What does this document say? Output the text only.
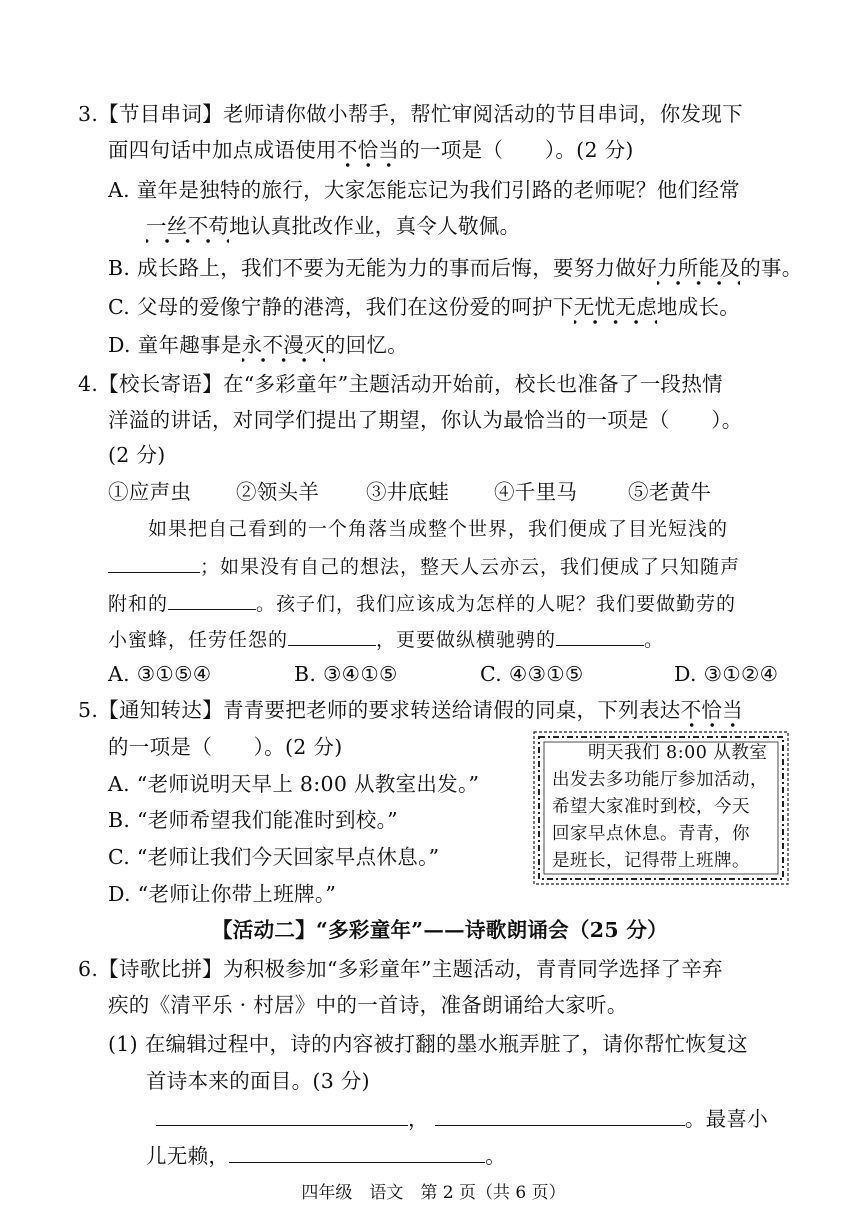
3.【节目串词】老师请你做小帮手，帮忙审阅活动的节目串词，你发现下
面四句话中加点成语使用不恰当的一项是（　　）。(2 分)
A. 童年是独特的旅行，大家怎能忘记为我们引路的老师呢？他们经常
一丝不苟地认真批改作业，真令人敬佩。
B. 成长路上，我们不要为无能为力的事而后悔，要努力做好力所能及的事。
C. 父母的爱像宁静的港湾，我们在这份爱的呵护下无忧无虑地成长。
D. 童年趣事是永不漫灭的回忆。
4.【校长寄语】在“多彩童年”主题活动开始前，校长也准备了一段热情
洋溢的讲话，对同学们提出了期望，你认为最恰当的一项是（　　）。
(2 分)
①应声虫 ②领头羊 ③井底蛙 ④千里马 ⑤老黄牛
如果把自己看到的一个角落当成整个世界，我们便成了目光短浅的
；如果没有自己的想法，整天人云亦云，我们便成了只知随声
附和的	。孩子们，我们应该成为怎样的人呢？我们要做勤劳的
小蜜蜂，任劳任怨的	，更要做纵横驰骋的	。
A. ③①⑤④	B. ③④①⑤	C. ④③①⑤	D. ③①②④
5.【通知转达】青青要把老师的要求转送给请假的同桌，下列表达不恰当
的一项是（　　）。(2 分)
A. “老师说明天早上 8:00 从教室出发。”
B. “老师希望我们能准时到校。”
C. “老师让我们今天回家早点休息。”
D. “老师让你带上班牌。”
　　明天我们 8:00 从教室
出发去多功能厅参加活动，
希望大家准时到校，今天
回家早点休息。青青，你
是班长，记得带上班牌。
【活动二】“多彩童年”——诗歌朗诵会（25 分）
6.【诗歌比拼】为积极参加“多彩童年”主题活动，青青同学选择了辛弃
疾的《清平乐 · 村居》中的一首诗，准备朗诵给大家听。
(1) 在编辑过程中，诗的内容被打翻的墨水瓶弄脏了，请你帮忙恢复这
首诗本来的面目。(3 分)
，	。最喜小
儿无赖，	。
四年级　语文　第 2 页（共 6 页）
